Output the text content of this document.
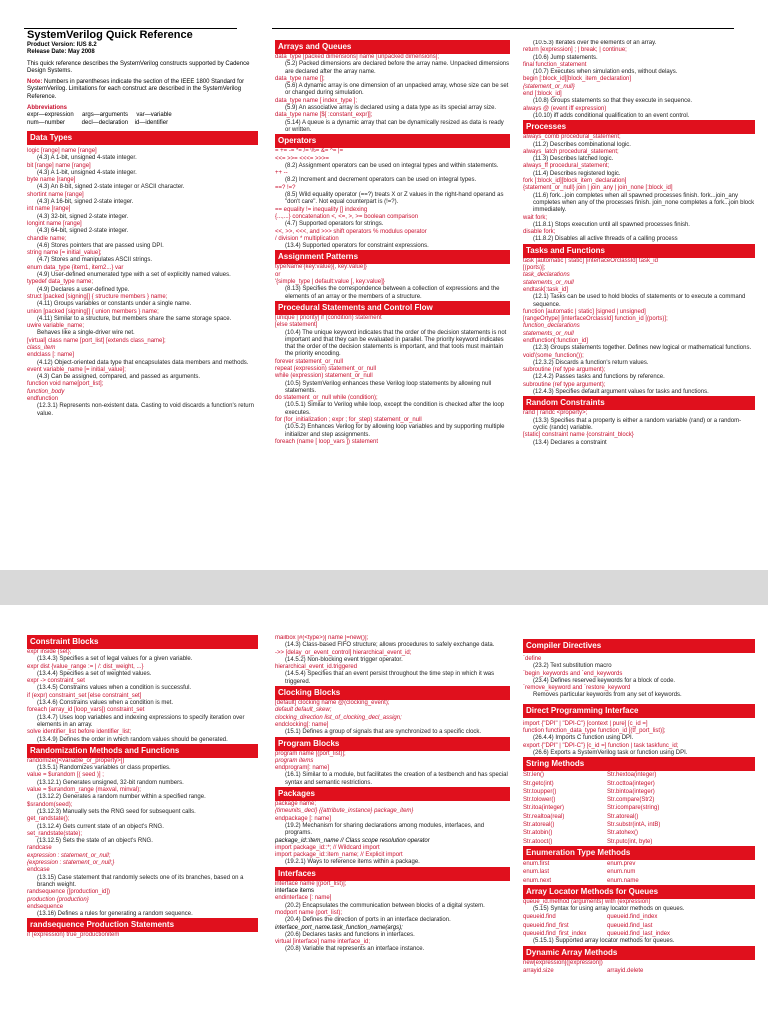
SystemVerilog Quick Reference
Product Version: IUS 8.2
Release Date: May 2008
This quick reference describes the SystemVerilog constructs supported by Cadence Design Systems.
Note: Numbers in parentheses indicate the section of the IEEE 1800 Standard for SystemVerilog. Limitations for each construct are described in the SystemVerilog Reference.
Abbreviations
expr—expression     args—arguments     var—variable
num—number          decl—declaration    id—identifier
Data Types
logic [range] name [range]
(4.3) A 1-bit, unsigned 4-state integer.
bit [range] name [range]
(4.3) A 1-bit, unsigned 4-state integer.
byte name [range]
(4.3) An 8-bit, signed 2-state integer or ASCII character.
shortint name [range]
(4.3) A 16-bit, signed 2-state integer.
int name [range]
(4.3) 32-bit, signed 2-state integer.
longint name [range]
(4.3) 64-bit, signed 2-state integer.
chandle name;
(4.6) Stores pointers that are passed using DPI.
string name [= initial_value];
(4.7) Stores and manipulates ASCII strings.
enum data_type {item1, item2...} var
(4.9) User-defined enumerated type with a set of explicitly named values.
typedef data_type name;
(4.9) Declares a user-defined type.
struct [packed [signing]] { structure members } name;
(4.11) Groups variables or constants under a single name.
union [packed [signing]] { union members } name;
(4.11) Similar to a structure, but members share the same storage space.
uwire variable_name;
Behaves like a single-driver wire net.
[virtual] class name [port_list] [extends class_name];
class_item
endclass [: name]
(4.12) Object-oriented data type that encapsulates data members and methods.
event variable_name [= initial_value];
(4.3) Can be assigned, compared, and passed as arguments.
function void name[port_list];
function_body
endfunction
(12.3.1) Represents non-existent data. Casting to void discards a function's return value.
Arrays and Queues
data_type [packed dimensions] name [unpacked dimensions];
(5.2) Packed dimensions are declared before the array name. Unpacked dimensions are declared after the array name.
data_type name [];
(5.6) A dynamic array is one dimension of an unpacked array, whose size can be set or changed during simulation.
data_type name [ index_type ];
(5.9) An associative array is declared using a data type as its special array size.
data_type name [$[ :constant_expr]];
(5.14) A queue is a dynamic array that can be dynamically resized as data is ready or written.
Operators
= += -= *= /= %= &= ^= |=
<<= >>= <<<= >>>=
(8.2) Assignment operators can be used on integral types and within statements.
++ --
(8.2) Increment and decrement operators can be used on integral types.
==? !=?
(8.5) Wild equality operator (==?) treats X or Z values in the right-hand operand as "don't care". Not equal counterpart is (!=?).
== equality != inequality [] indexing
{...,...} concatenation <, <=, >, >= boolean comparison
(4.7) Supported operators for strings.
<<, >>, <<<, and >>> shift operators % modulus operator
/ division * multiplication
(13.4) Supported operators for constraint expressions.
Assignment Patterns
typeName'{key:value}[, key:value]}
or
'{simple_type | default:value [, key:value]}
(8.13) Specifies the correspondence between a collection of expressions and the elements of an array or the members of a structure.
Procedural Statements and Control Flow
[unique | priority] if (condition) statement
[else statement]
(10.4) The unique keyword indicates that the order of the decision statements is not important and that they can be evaluated in parallel. The priority keyword indicates that the order of the decision statements is important, and that tools must maintain the priority encoding.
forever statement_or_null
repeat (expression) statement_or_null
while (expression) statement_or_null
(10.5) SystemVerilog enhances these Verilog loop statements by allowing null statements.
do statement_or_null while (condition);
(10.5.1) Similar to Verilog while loop, except the condition is checked after the loop executes.
for (for_initialization ; expr ; for_step) statement_or_null
(10.5.2) Enhances Verilog for by allowing loop variables and by supporting multiple initializer and step assignments.
foreach (name [ loop_vars ]) statement
(10.5.3) Iterates over the elements of an array.
return [expression] ; | break; | continue;
(10.6) Jump statements.
final function_statement
(10.7) Executes when simulation ends, without delays.
begin [:block_id][block_item_declaration]
{statement_or_null}
end [:block_id]
(10.8) Groups statements so that they execute in sequence.
always @ (event iff expression)
(10.10) iff adds conditional qualification to an event control.
Processes
always_comb procedural_statement;
(11.2) Describes combinational logic.
always_latch procedural_statement;
(11.3) Describes latched logic.
always_ff procedural_statement;
(11.4) Describes registered logic.
fork [:block_id][block_item_declaration]
{statement_or_null} join | join_any | join_none [:block_id]
(11.6) fork...join completes when all spawned processes finish. fork...join_any completes when any of the processes finish. join_none completes a fork...join block immediately.
wait fork;
(11.8.1) Stops execution until all spawned processes finish.
disable fork;
(11.8.2) Disables all active threads of a calling process
Tasks and Functions
task [automatic | static] [interfaceOrclassId] task_id
[(ports)];
task_declarations
statements_or_null
endtask[:task_id]
(12.1) Tasks can be used to hold blocks of statements or to execute a command sequence.
function [automatic | static] [signed | unsigned]
[rangeOrtype] [interfaceOrclassId] function_id [(ports)];
function_declarations
statements_or_null
endfunction[:function_id]
(12.3) Groups statements together. Defines new logical or mathematical functions.
void'(some_function());
(12.3.2) Discards a function's return values.
subroutine (ref type argument);
(12.4.2) Passes tasks and functions by reference.
subroutine (ref type argument);
(12.4.3) Specifies default argument values for tasks and functions.
Random Constraints
rand | randc <property>;
(13.3) Specifies that a property is either a random variable (rand) or a random-cyclic (randc) variable.
[static] constraint name {constraint_block}
(13.4) Declares a constraint
Constraint Blocks
expr inside {set};
(13.4.3) Specifies a set of legal values for a given variable.
expr dist {value_range := | /: dist_weight, ...}
(13.4.4) Specifies a set of weighted values.
expr -> constraint_set
(13.4.5) Constrains values when a condition is successful.
if (expr) constraint_set [else constraint_set]
(13.4.6) Constrains values when a condition is met.
foreach (array_id [loop_vars]) constraint_set
(13.4.7) Uses loop variables and indexing expressions to specify iteration over elements in an array.
solve identifier_list before identifier_list;
(13.4.9) Defines the order in which random values should be generated.
Randomization Methods and Functions
randomize([<variable_or_property>])
(13.5.1) Randomizes variables or class properties.
value = $urandom [( seed )] ;
(13.12.1) Generates unsigned, 32-bit random numbers.
value = $urandom_range (maxval, minval);
(13.12.2) Generates a random number within a specified range.
$srandom(seed);
(13.12.3) Manually sets the RNG seed for subsequent calls.
get_randstate();
(13.12.4) Gets current state of an object's RNG.
set_randstate(state);
(13.12.5) Sets the state of an object's RNG.
randcase
expression : statement_or_null;
{expression : statement_or_null;}
endcase
(13.15) Case statement that randomly selects one of its branches, based on a branch weight.
randsequence ([production_id])
production {production}
endsequence
(13.16) Defines a rules for generating a random sequence.
randsequence Production Statements
if (expression) true_productionitem
mailbox [#(<type>)] name [=new()];
(14.3) Class-based FIFO structure; allows procedures to safely exchange data.
->> [delay_or_event_control] hierarchical_event_id;
(14.5.2) Non-blocking event trigger operator.
hierarchical_event_id.triggered
(14.5.4) Specifies that an event persist throughout the time step in which it was triggered.
Clocking Blocks
[default] clocking name @(clocking_event);
default default_skew;
clocking_direction list_of_clocking_decl_assign;
endclocking[: name]
(15.1) Defines a group of signals that are synchronized to a specific clock.
Program Blocks
program name [(port_list)];
program items
endprogram[: name]
(16.1) Similar to a module, but facilitates the creation of a testbench and has special syntax and semantic restrictions.
Packages
package name;
{timeunits_decl} {{attribute_instance} package_item}
endpackage [: name]
(19.2) Mechanism for sharing declarations among modules, interfaces, and programs.
package_id::item_name // Class scope resolution operator
import package_id::*; // Wildcard import
import package_id::item_name; // Explicit import
(19.2.1) Ways to reference items within a package.
Interfaces
interface name [(port_list)];
interface items
endinterface [: name]
(20.2) Encapsulates the communication between blocks of a digital system.
modport name (port_list);
(20.4) Defines the direction of ports in an interface declaration.
interface_port_name.task_function_name(args);
(20.6) Declares tasks and functions in interfaces.
virtual [interface] name interface_id;
(20.8) Variable that represents an interface instance.
Compiler Directives
`define
(23.2) Text substitution macro
`begin_keywords and `end_keywords
(23.4) Defines reserved keywords for a block of code.
`remove_keyword and `restore_keyword
Removes particular keywords from any set of keywords.
Direct Programming Interface
import {"DPI" | "DPI-C"} [context | pure] [c_id =]
function function_data_type function_id [(tf_port_list)];
(26.4.4) Imports C function using DPI.
export {"DPI" | "DPI-C"} [c_id =] function | task taskfunc_id;
(26.6) Exports a SystemVerilog task or function using DPI.
String Methods
Str.len()	Str.hextoa(integer)
Str.getc(int)	Str.octtoa(integer)
Str.toupper()	Str.bintoa(integer)
Str.tolower()	Str.compare(Str2)
Str.itoa(integer)	Str.icompare(string)
Str.realtoa(real)	Str.atoreal()
Str.atoreal()	Str.substr(intA, intB)
Str.atobin()	Str.atohex()
Str.atooct()	Str.putc(int, byte)
Enumeration Type Methods
enum.first	enum.prev
enum.last	enum.num
enum.next	enum.name
Array Locator Methods for Queues
queue_id.method (arguments) with (expression)
(5.15) Syntax for using array locator methods on queues.
queueid.find	queueid.find_index
queueid.find_first	queueid.find_last
queueid.find_first_index	queueid.find_last_index
(5.15.1) Supported array locator methods for queues.
Dynamic Array Methods
new[expression]([expression])
arrayid.size	arrayid.delete
